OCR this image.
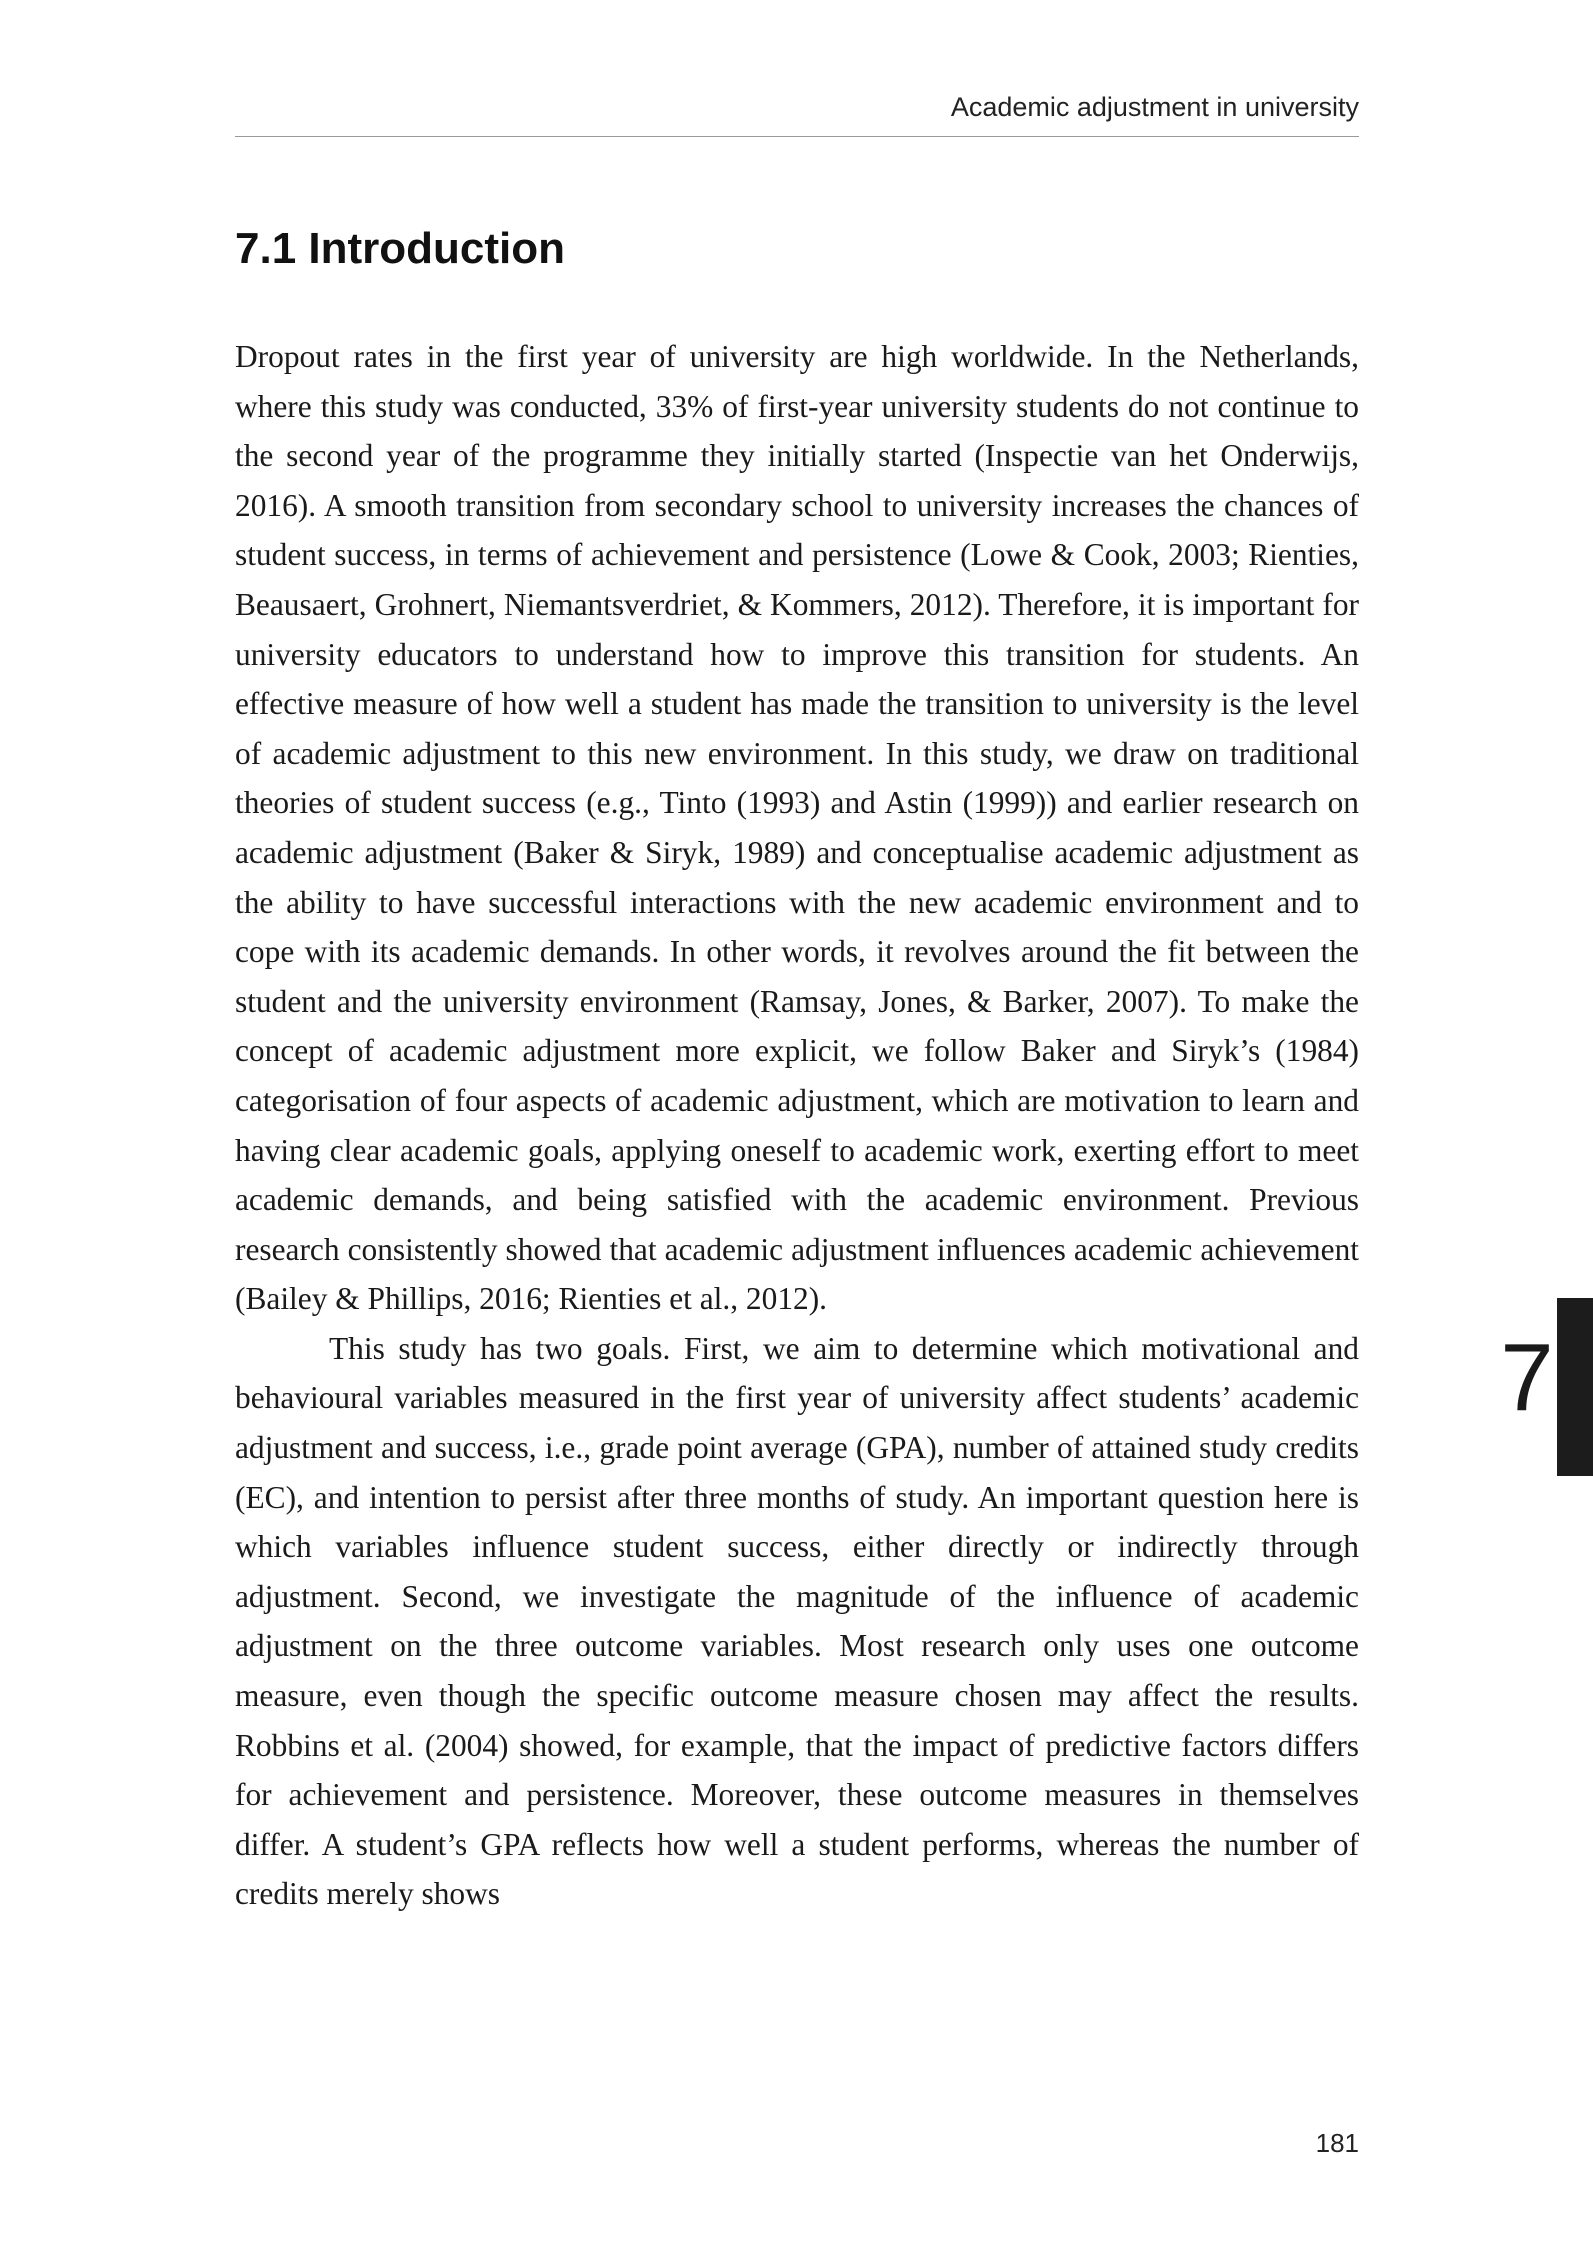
Academic adjustment in university
7.1 Introduction

Dropout rates in the first year of university are high worldwide. In the Netherlands, where this study was conducted, 33% of first-year university students do not continue to the second year of the programme they initially started (Inspectie van het Onderwijs, 2016). A smooth transition from secondary school to university increases the chances of student success, in terms of achievement and persistence (Lowe & Cook, 2003; Rienties, Beausaert, Grohnert, Niemantsverdriet, & Kommers, 2012). Therefore, it is important for university educators to understand how to improve this transition for students. An effective measure of how well a student has made the transition to university is the level of academic adjustment to this new environment. In this study, we draw on traditional theories of student success (e.g., Tinto (1993) and Astin (1999)) and earlier research on academic adjustment (Baker & Siryk, 1989) and conceptualise academic adjustment as the ability to have successful interactions with the new academic environment and to cope with its academic demands. In other words, it revolves around the fit between the student and the university environment (Ramsay, Jones, & Barker, 2007). To make the concept of academic adjustment more explicit, we follow Baker and Siryk’s (1984) categorisation of four aspects of academic adjustment, which are motivation to learn and having clear academic goals, applying oneself to academic work, exerting effort to meet academic demands, and being satisfied with the academic environment. Previous research consistently showed that academic adjustment influences academic achievement (Bailey & Phillips, 2016; Rienties et al., 2012).

This study has two goals. First, we aim to determine which motivational and behavioural variables measured in the first year of university affect students’ academic adjustment and success, i.e., grade point average (GPA), number of attained study credits (EC), and intention to persist after three months of study. An important question here is which variables influence student success, either directly or indirectly through adjustment. Second, we investigate the magnitude of the influence of academic adjustment on the three outcome variables. Most research only uses one outcome measure, even though the specific outcome measure chosen may affect the results. Robbins et al. (2004) showed, for example, that the impact of predictive factors differs for achievement and persistence. Moreover, these outcome measures in themselves differ. A student’s GPA reflects how well a student performs, whereas the number of credits merely shows

7
181
